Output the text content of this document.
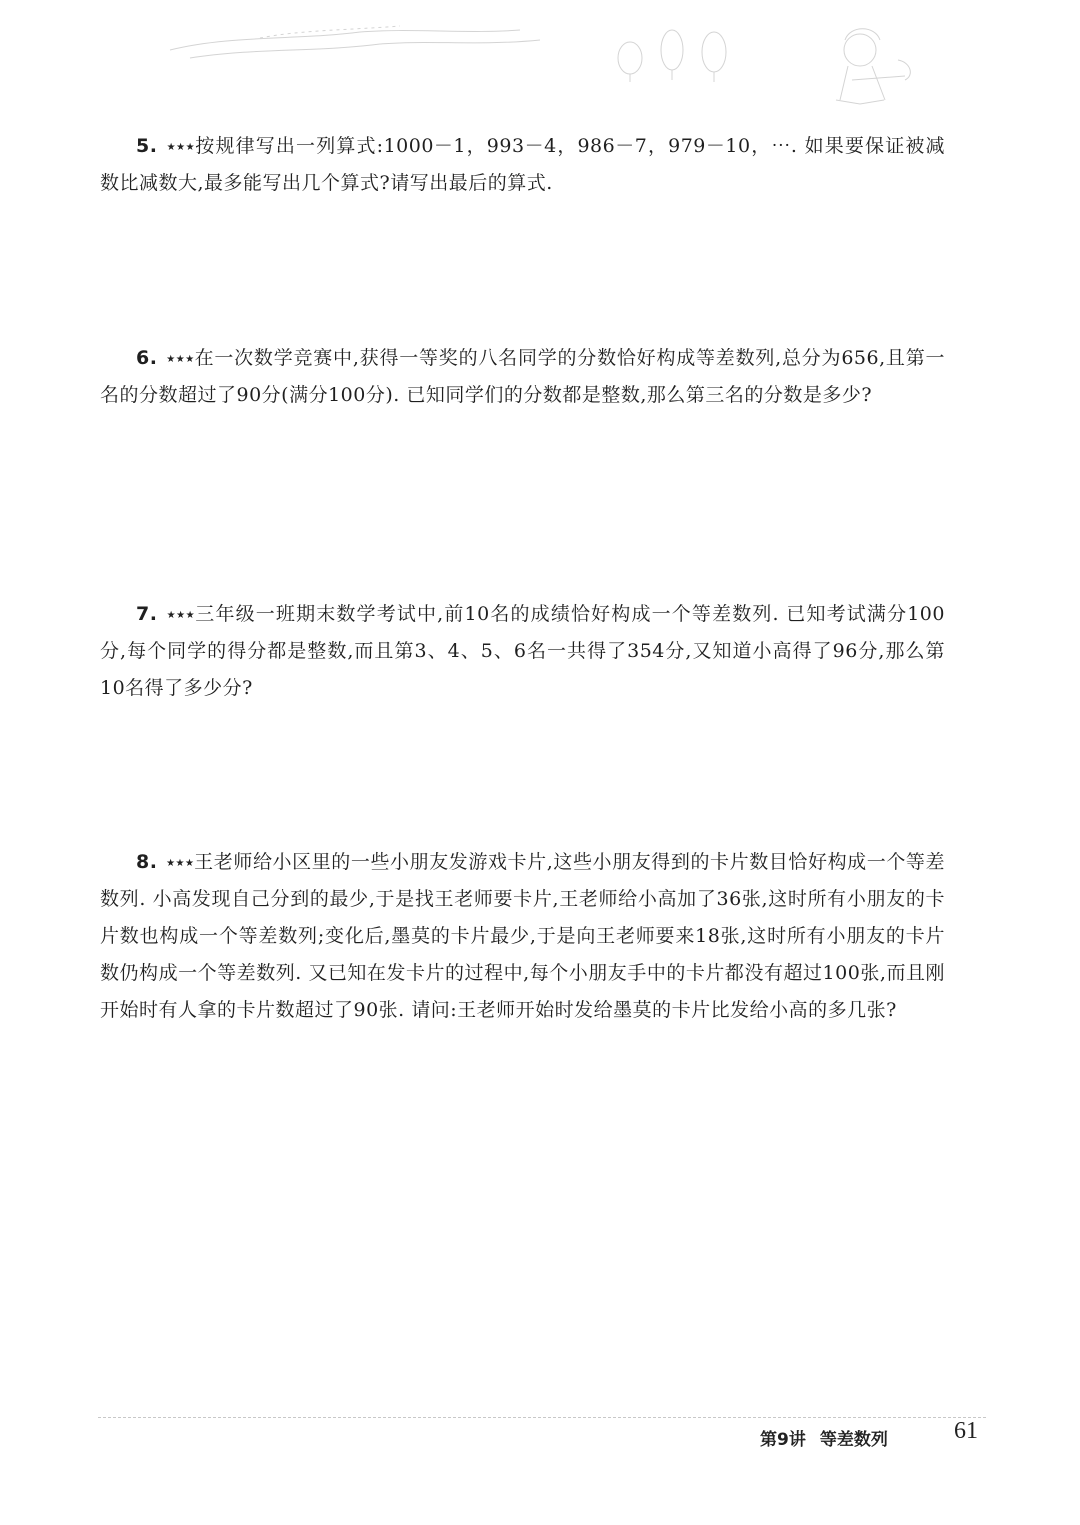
5. ★★★按规律写出一列算式:1000－1，993－4，986－7，979－10，⋯. 如果要保证被减数比减数大,最多能写出几个算式?请写出最后的算式.
6. ★★★在一次数学竞赛中,获得一等奖的八名同学的分数恰好构成等差数列,总分为656,且第一名的分数超过了90分(满分100分). 已知同学们的分数都是整数,那么第三名的分数是多少?
7. ★★★三年级一班期末数学考试中,前10名的成绩恰好构成一个等差数列. 已知考试满分100分,每个同学的得分都是整数,而且第3、4、5、6名一共得了354分,又知道小高得了96分,那么第10名得了多少分?
8. ★★★王老师给小区里的一些小朋友发游戏卡片,这些小朋友得到的卡片数目恰好构成一个等差数列. 小高发现自己分到的最少,于是找王老师要卡片,王老师给小高加了36张,这时所有小朋友的卡片数也构成一个等差数列;变化后,墨莫的卡片最少,于是向王老师要来18张,这时所有小朋友的卡片数仍构成一个等差数列. 又已知在发卡片的过程中,每个小朋友手中的卡片都没有超过100张,而且刚开始时有人拿的卡片数超过了90张. 请问:王老师开始时发给墨莫的卡片比发给小高的多几张?
第9讲 等差数列	61
